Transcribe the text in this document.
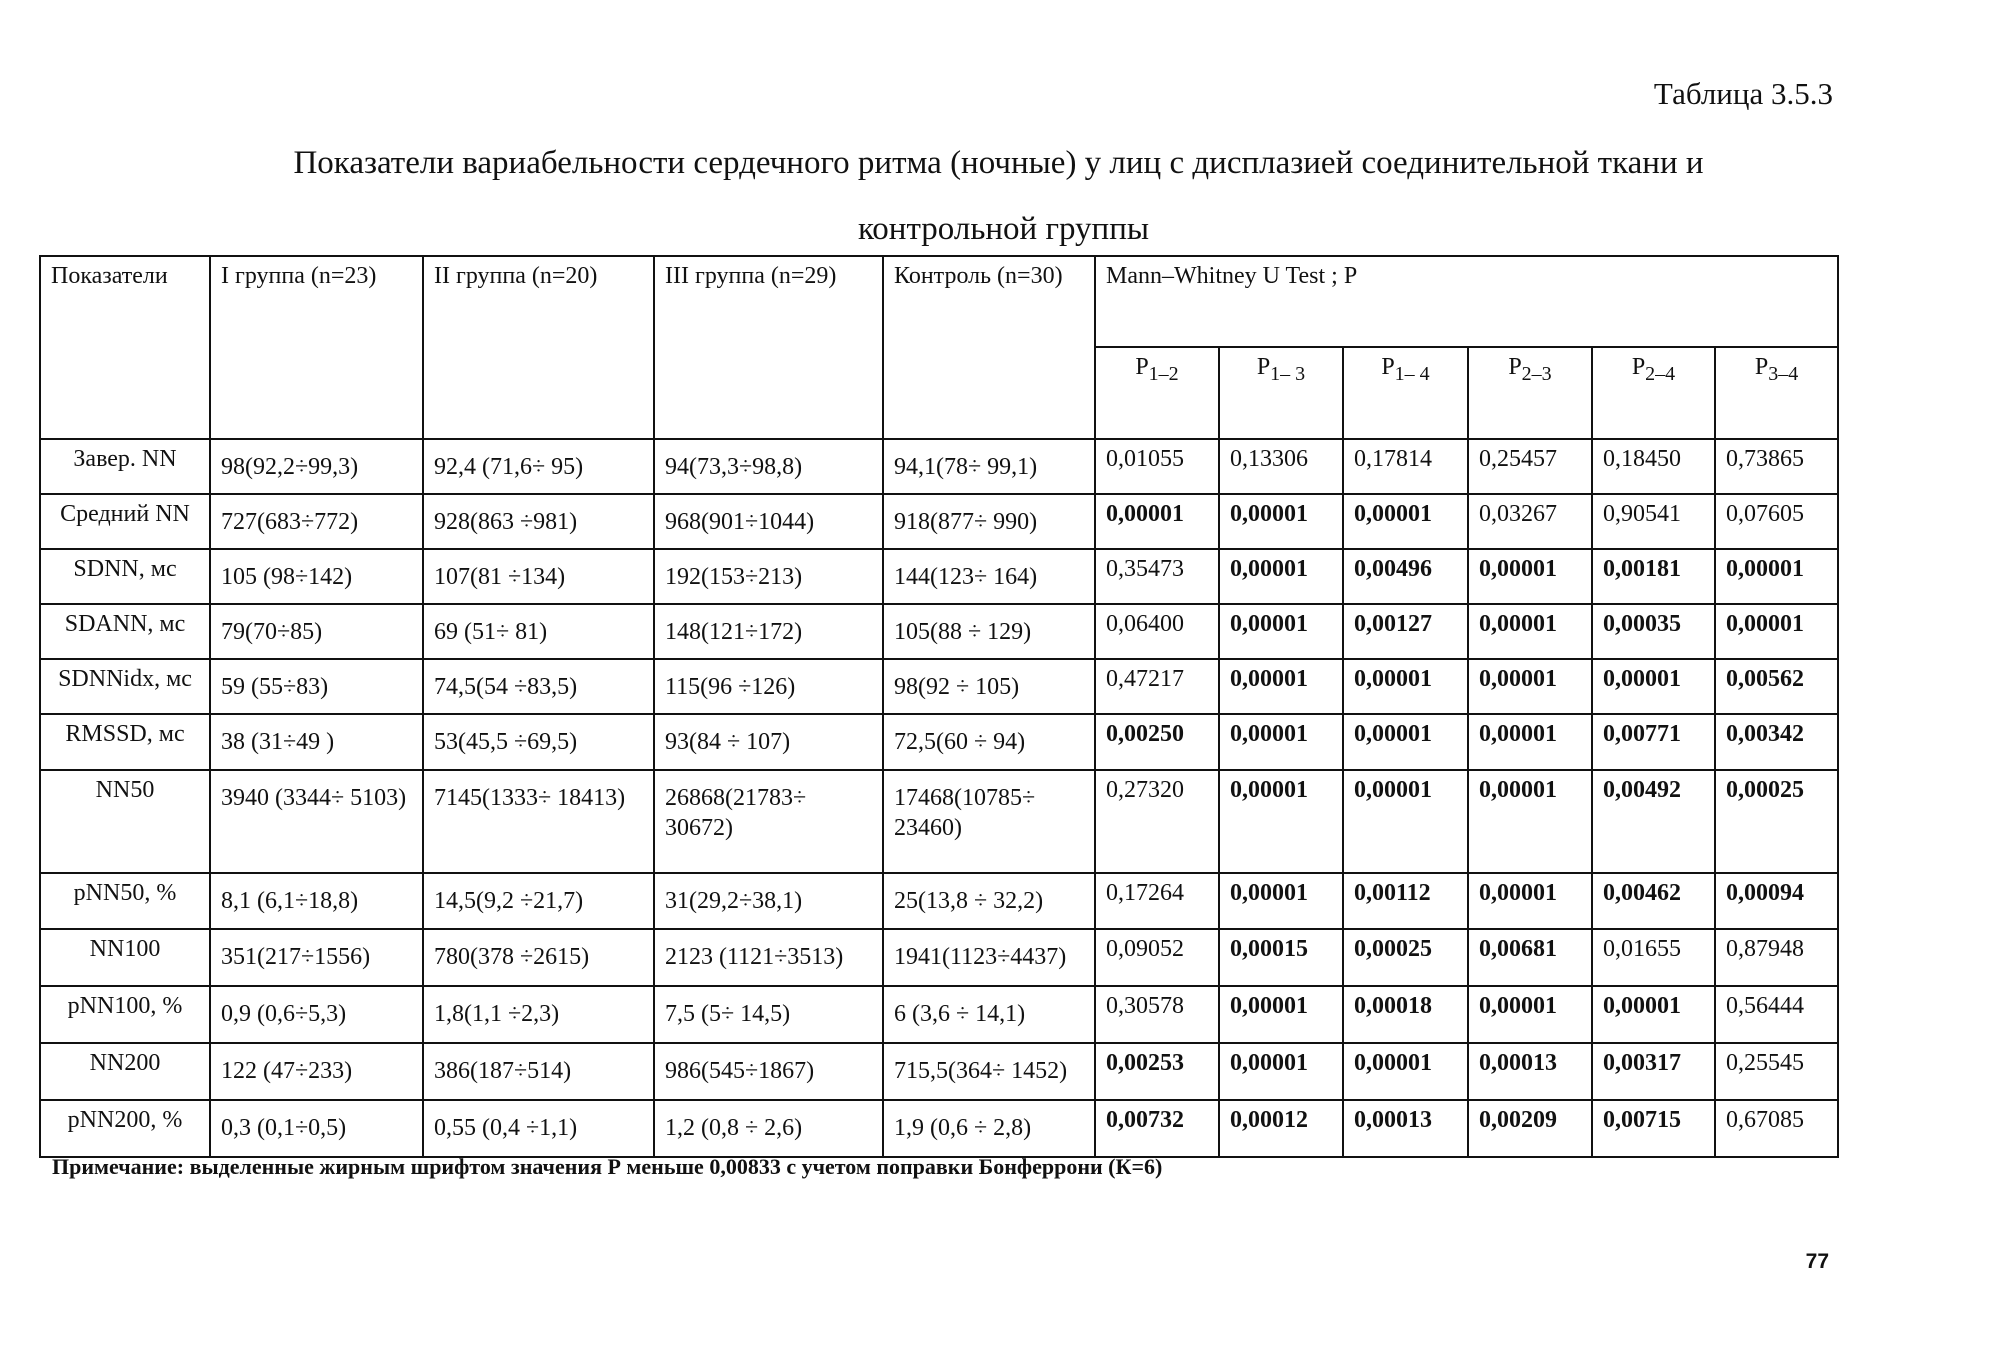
Таблица 3.5.3
Показатели вариабельности сердечного ритма (ночные) у лиц с дисплазией соединительной ткани и

контрольной группы
Показатели	I группа (n=23)	II группа (n=20)	III группа (n=29)	Контроль (n=30)	Mann–Whitney U Test ; P					
					$P_{1-2}$	$P_{1- 3}$	$P_{1- 4}$	$P_{2-3}$	$P_{2-4}$	$P_{3-4}$
Завер. NN	98(92,2÷99,3)	92,4 (71,6÷ 95)	94(73,3÷98,8)	94,1(78÷ 99,1)	0,01055	0,13306	0,17814	0,25457	0,18450	0,73865
Средний NN	727(683÷772)	928(863 ÷981)	968(901÷1044)	918(877÷ 990)	0,00001	0,00001	0,00001	0,03267	0,90541	0,07605
SDNN, мс	105 (98÷142)	107(81 ÷134)	192(153÷213)	144(123÷ 164)	0,35473	0,00001	0,00496	0,00001	0,00181	0,00001
SDANN, мс	79(70÷85)	69 (51÷ 81)	148(121÷172)	105(88 ÷ 129)	0,06400	0,00001	0,00127	0,00001	0,00035	0,00001
SDNNidx, мс	59 (55÷83)	74,5(54 ÷83,5)	115(96 ÷126)	98(92 ÷ 105)	0,47217	0,00001	0,00001	0,00001	0,00001	0,00562
RMSSD, мс	38 (31÷49 )	53(45,5 ÷69,5)	93(84 ÷ 107)	72,5(60 ÷ 94)	0,00250	0,00001	0,00001	0,00001	0,00771	0,00342
NN50	3940 (3344÷ 5103)	7145(1333÷ 18413)	26868(21783÷ 30672)	17468(10785÷ 23460)	0,27320	0,00001	0,00001	0,00001	0,00492	0,00025
pNN50, %	8,1 (6,1÷18,8)	14,5(9,2 ÷21,7)	31(29,2÷38,1)	25(13,8 ÷ 32,2)	0,17264	0,00001	0,00112	0,00001	0,00462	0,00094
NN100	351(217÷1556)	780(378 ÷2615)	2123 (1121÷3513)	1941(1123÷4437)	0,09052	0,00015	0,00025	0,00681	0,01655	0,87948
pNN100, %	0,9 (0,6÷5,3)	1,8(1,1 ÷2,3)	7,5 (5÷ 14,5)	6 (3,6 ÷ 14,1)	0,30578	0,00001	0,00018	0,00001	0,00001	0,56444
NN200	122 (47÷233)	386(187÷514)	986(545÷1867)	715,5(364÷ 1452)	0,00253	0,00001	0,00001	0,00013	0,00317	0,25545
pNN200, %	0,3 (0,1÷0,5)	0,55 (0,4 ÷1,1)	1,2 (0,8 ÷ 2,6)	1,9 (0,6 ÷ 2,8)	0,00732	0,00012	0,00013	0,00209	0,00715	0,67085
Примечание: выделенные жирным шрифтом значения Р меньше 0,00833 с учетом поправки Бонферрони (К=6)
77
